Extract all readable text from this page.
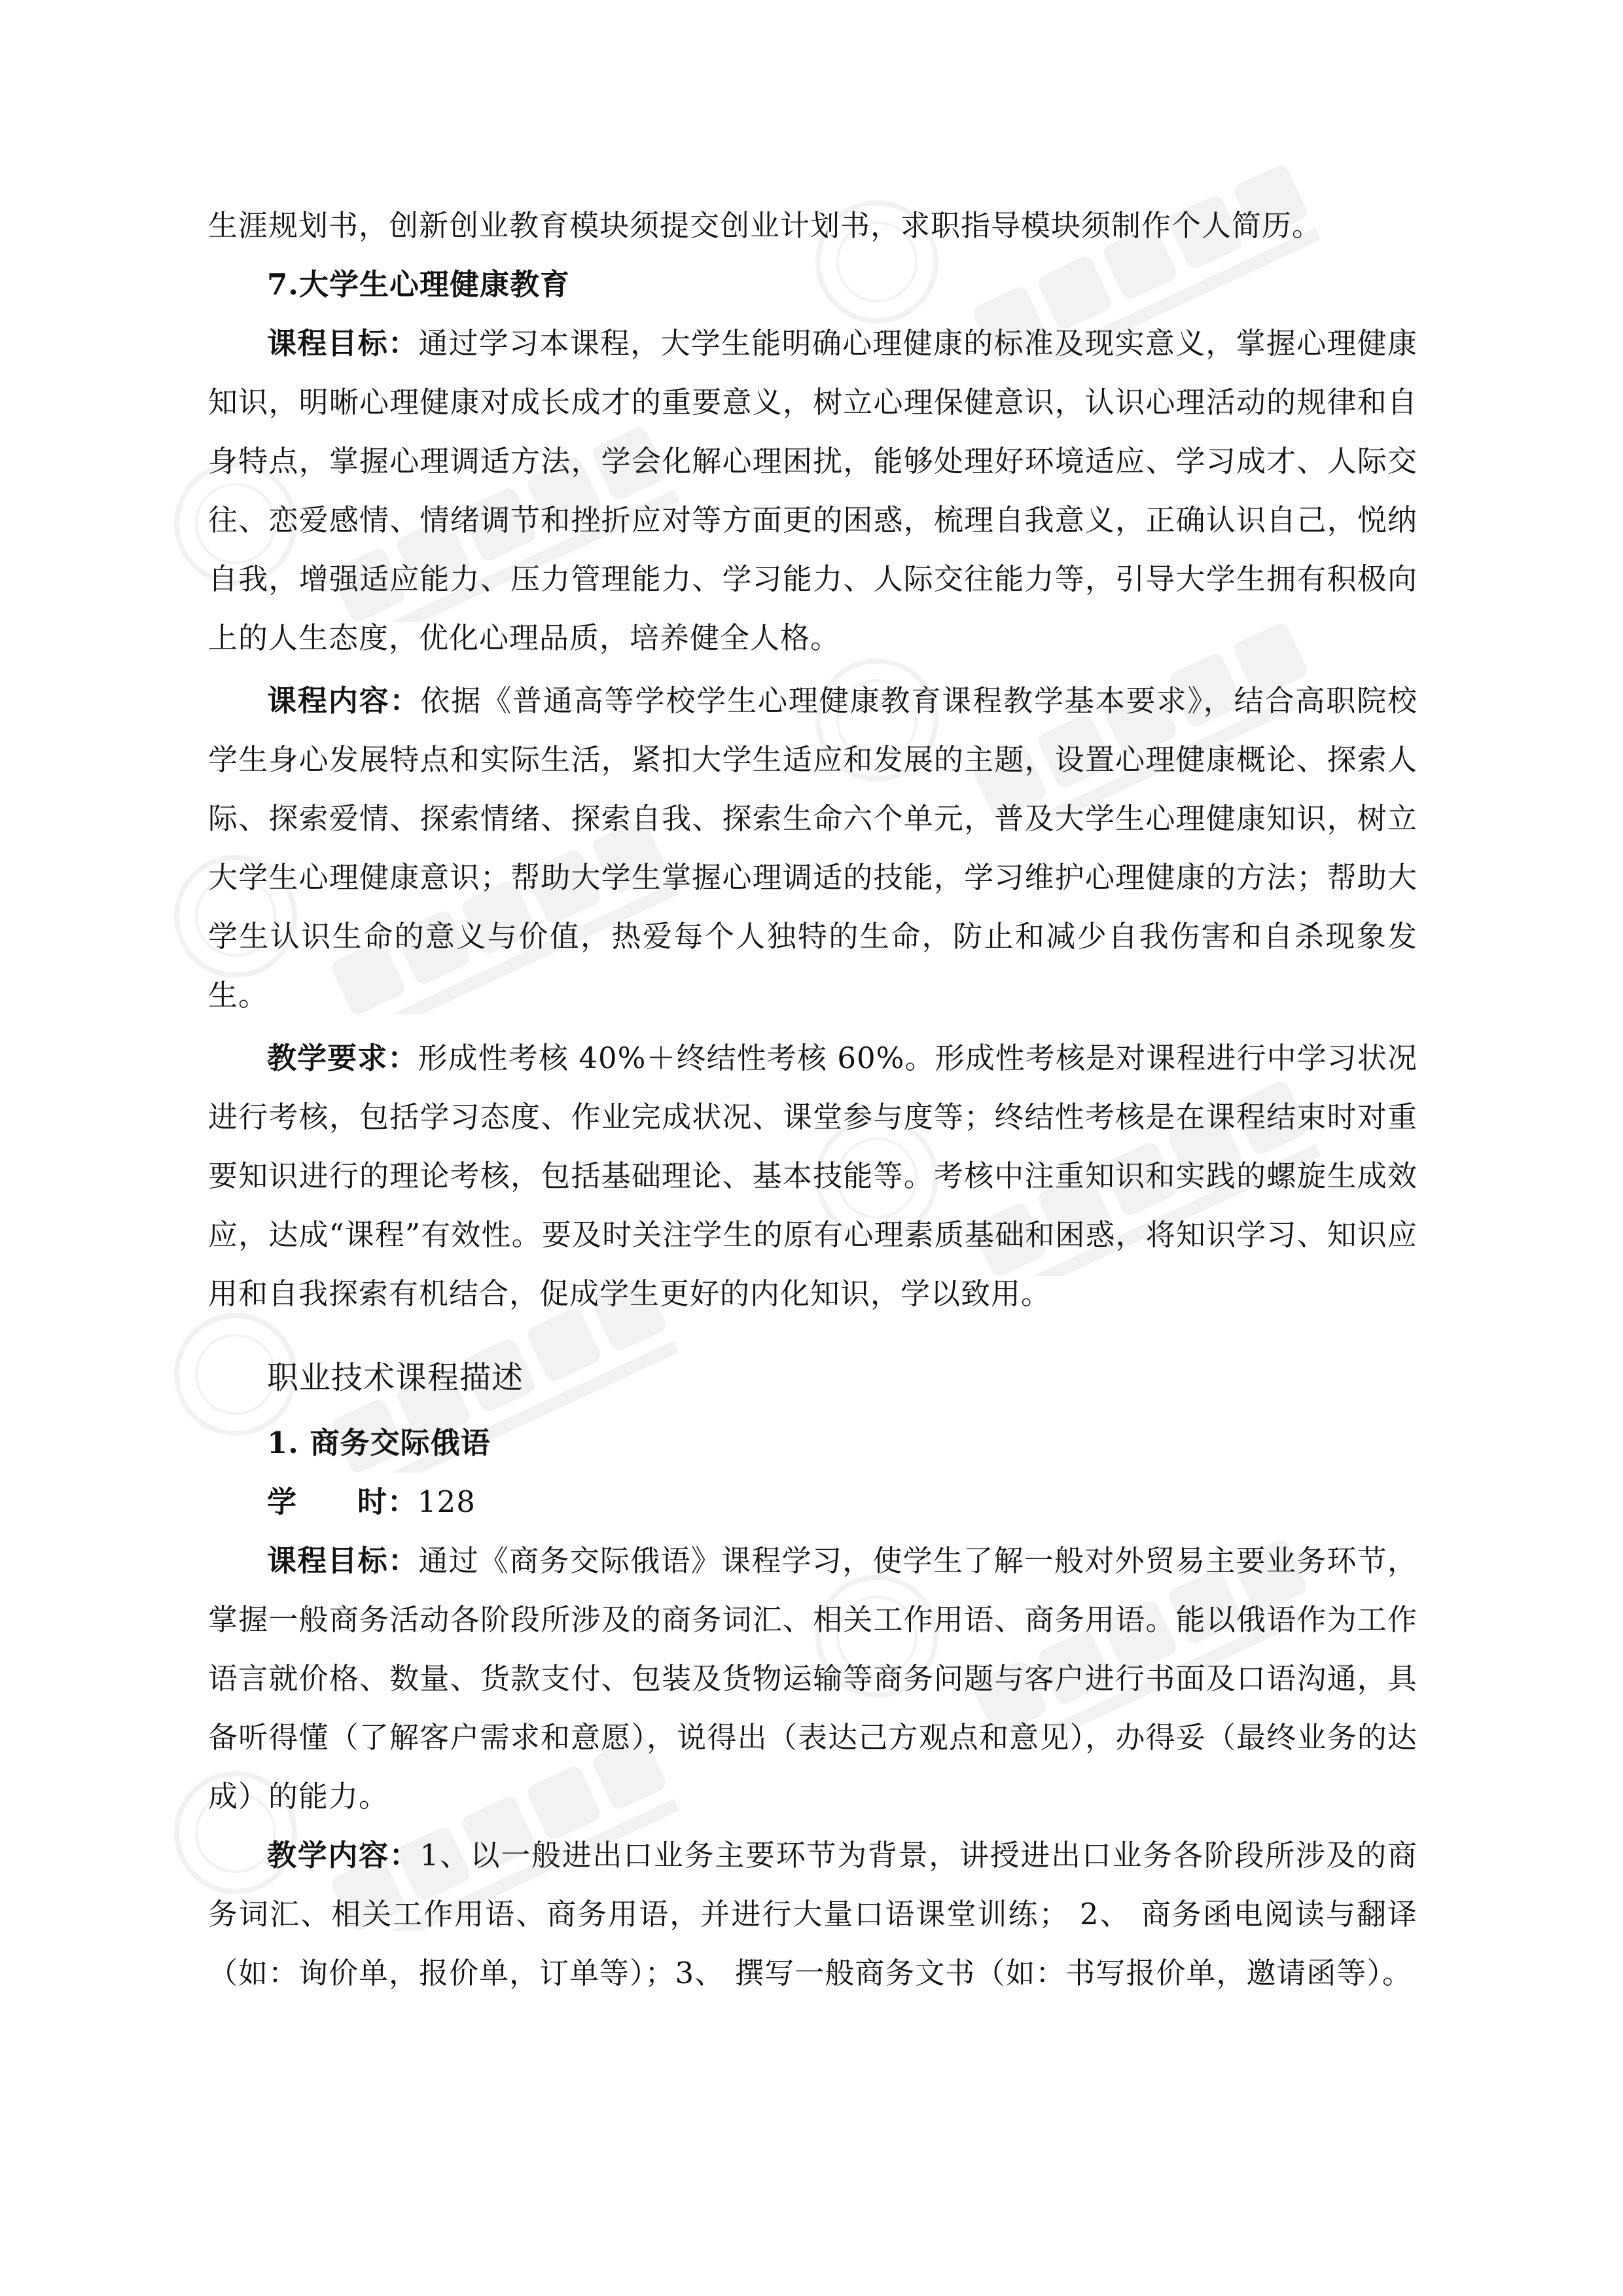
生涯规划书，创新创业教育模块须提交创业计划书，求职指导模块须制作个人简历。

7.大学生心理健康教育

课程目标：通过学习本课程，大学生能明确心理健康的标准及现实意义，掌握心理健康知识，明晰心理健康对成长成才的重要意义，树立心理保健意识，认识心理活动的规律和自身特点，掌握心理调适方法，学会化解心理困扰，能够处理好环境适应、学习成才、人际交往、恋爱感情、情绪调节和挫折应对等方面更的困惑，梳理自我意义，正确认识自己，悦纳自我，增强适应能力、压力管理能力、学习能力、人际交往能力等，引导大学生拥有积极向上的人生态度，优化心理品质，培养健全人格。

课程内容：依据《普通高等学校学生心理健康教育课程教学基本要求》，结合高职院校学生身心发展特点和实际生活，紧扣大学生适应和发展的主题，设置心理健康概论、探索人际、探索爱情、探索情绪、探索自我、探索生命六个单元，普及大学生心理健康知识，树立大学生心理健康意识；帮助大学生掌握心理调适的技能，学习维护心理健康的方法；帮助大学生认识生命的意义与价值，热爱每个人独特的生命，防止和减少自我伤害和自杀现象发生。

教学要求：形成性考核 40%＋终结性考核 60%。形成性考核是对课程进行中学习状况进行考核，包括学习态度、作业完成状况、课堂参与度等；终结性考核是在课程结束时对重要知识进行的理论考核，包括基础理论、基本技能等。考核中注重知识和实践的螺旋生成效应，达成“课程”有效性。要及时关注学生的原有心理素质基础和困惑，将知识学习、知识应用和自我探索有机结合，促成学生更好的内化知识，学以致用。

职业技术课程描述

1. 商务交际俄语

学　　时：128

课程目标：通过《商务交际俄语》课程学习，使学生了解一般对外贸易主要业务环节，掌握一般商务活动各阶段所涉及的商务词汇、相关工作用语、商务用语。能以俄语作为工作语言就价格、数量、货款支付、包装及货物运输等商务问题与客户进行书面及口语沟通，具备听得懂（了解客户需求和意愿），说得出（表达己方观点和意见），办得妥（最终业务的达成）的能力。

教学内容：1、以一般进出口业务主要环节为背景，讲授进出口业务各阶段所涉及的商务词汇、相关工作用语、商务用语，并进行大量口语课堂训练； 2、 商务函电阅读与翻译（如：询价单，报价单，订单等）；3、 撰写一般商务文书（如：书写报价单，邀请函等）。
